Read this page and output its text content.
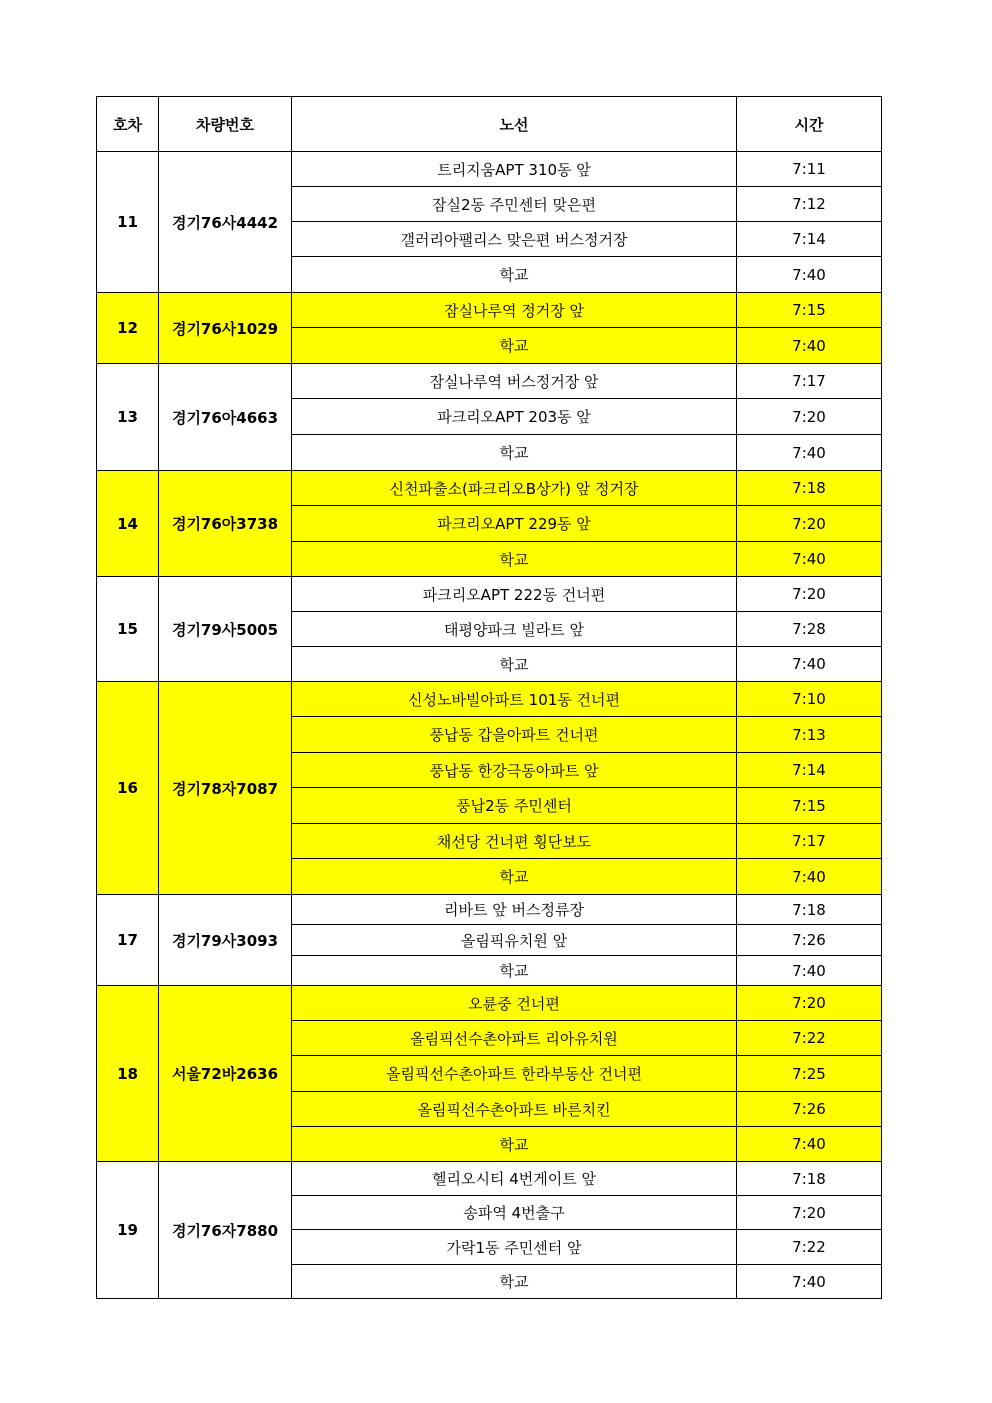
호차	차량번호	노선	시간
11	경기76사4442	트리지움APT 310동 앞	7:11
		잠실2동 주민센터 맞은편	7:12
		갤러리아팰리스 맞은편 버스정거장	7:14
		학교	7:40
12	경기76사1029	잠실나루역 정거장 앞	7:15
		학교	7:40
13	경기76아4663	잠실나루역 버스정거장 앞	7:17
		파크리오APT 203동 앞	7:20
		학교	7:40
14	경기76아3738	신천파출소(파크리오B상가) 앞 정거장	7:18
		파크리오APT 229동 앞	7:20
		학교	7:40
15	경기79사5005	파크리오APT 222동 건너편	7:20
		태평양파크 빌라트 앞	7:28
		학교	7:40
16	경기78자7087	신성노바빌아파트 101동 건너편	7:10
		풍납동 갑을아파트 건너편	7:13
		풍납동 한강극동아파트 앞	7:14
		풍납2동 주민센터	7:15
		채선당 건너편 횡단보도	7:17
		학교	7:40
17	경기79사3093	리바트 앞 버스정류장	7:18
		올림픽유치원 앞	7:26
		학교	7:40
18	서울72바2636	오륜중 건너편	7:20
		올림픽선수촌아파트 리아유치원	7:22
		올림픽선수촌아파트 한라부동산 건너편	7:25
		올림픽선수촌아파트 바른치킨	7:26
		학교	7:40
19	경기76자7880	헬리오시티 4번게이트 앞	7:18
		송파역 4번출구	7:20
		가락1동 주민센터 앞	7:22
		학교	7:40
